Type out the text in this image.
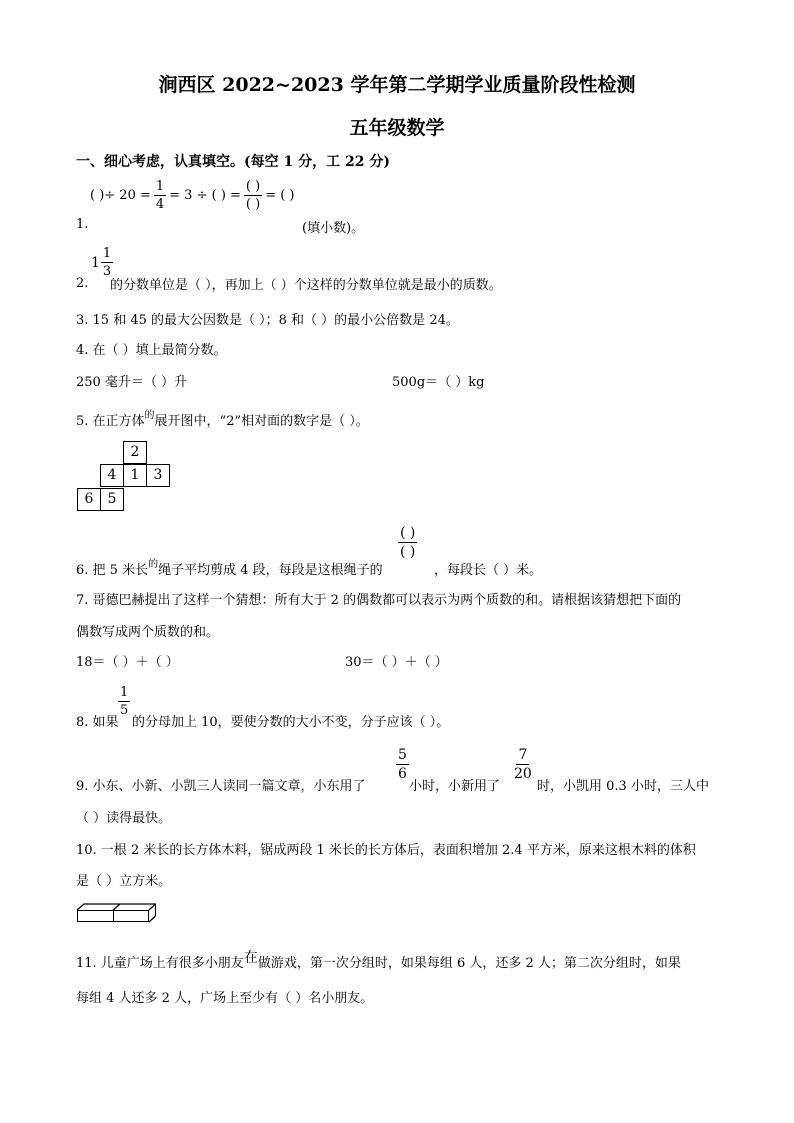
涧西区 2022~2023 学年第二学期学业质量阶段性检测
五年级数学
一、细心考虑，认真填空。(每空 1 分，工 22 分)
1.
( )÷ $20 = \frac{1}{4} = 3$ ÷ ( ) = $\frac{( )}{( )}$ = ( )
(填小数)。
2.
$1 \frac{1}{3}$
的分数单位是（ ），再加上（ ）个这样的分数单位就是最小的质数。
3. 15 和 45 的最大公因数是（ ）；8 和（ ）的最小公倍数是 24。
4. 在（ ）填上最简分数。
250 毫升＝（ ）升	500g＝（ ）kg
5. 在正方体$^的$展开图中，“2”相对面的数字是（ ）。
2
4	1	3
6	5
6. 把 5 米长$^的$绳子平均剪成 4 段，每段是这根绳子的
$\frac{( )}{( )}$
，每段长（ ）米。
7. 哥德巴赫提出了这样一个猜想：所有大于 2 的偶数都可以表示为两个质数的和。请根据该猜想把下面的
偶数写成两个质数的和。
18＝（ ）＋（ ）	30＝（ ）＋（ ）
8. 如果
$\frac{1}{5}$
的分母加上 10，要使分数的大小不变，分子应该（ ）。
9. 小东、小新、小凯三人读同一篇文章，小东用了
$\frac{5}{6}$
小时，小新用了
$\frac{7}{20}$
时，小凯用 0.3 小时，三人中
（ ）读得最快。
10. 一根 2 米长的长方体木料，锯成两段 1 米长的长方体后，表面积增加 2.4 平方米，原来这根木料的体积
是（ ）立方米。
11. 儿童广场上有很多小朋友在做游戏，第一次分组时，如果每组 6 人，还多 2 人；第二次分组时，如果
每组 4 人还多 2 人，广场上至少有（ ）名小朋友。
